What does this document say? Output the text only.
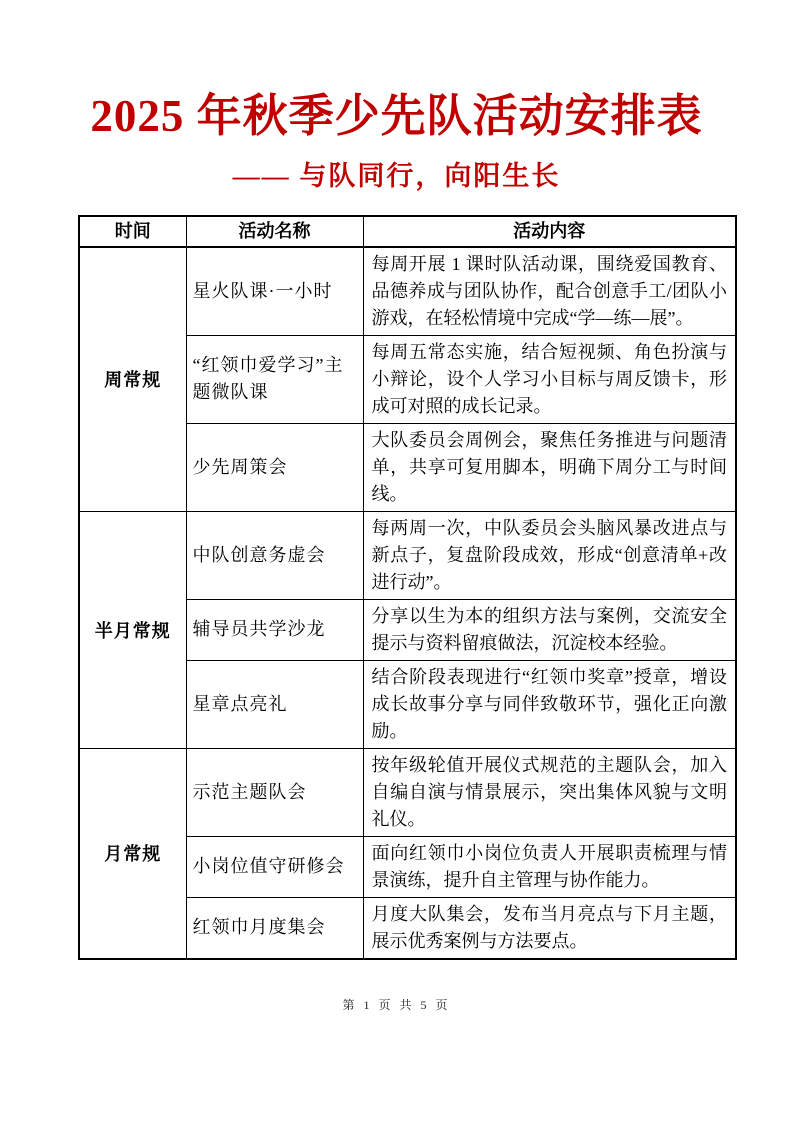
2025 年秋季少先队活动安排表
—— 与队同行，向阳生长
时间	活动名称	活动内容
周常规	星火队课·一小时	每周开展 1 课时队活动课，围绕爱国教育、品德养成与团队协作，配合创意手工/团队小游戏，在轻松情境中完成“学—练—展”。
	“红领巾爱学习”主题微队课	每周五常态实施，结合短视频、角色扮演与小辩论，设个人学习小目标与周反馈卡，形成可对照的成长记录。
	少先周策会	大队委员会周例会，聚焦任务推进与问题清单，共享可复用脚本，明确下周分工与时间线。
半月常规	中队创意务虚会	每两周一次，中队委员会头脑风暴改进点与新点子，复盘阶段成效，形成“创意清单+改进行动”。
	辅导员共学沙龙	分享以生为本的组织方法与案例，交流安全提示与资料留痕做法，沉淀校本经验。
	星章点亮礼	结合阶段表现进行“红领巾奖章”授章，增设成长故事分享与同伴致敬环节，强化正向激励。
月常规	示范主题队会	按年级轮值开展仪式规范的主题队会，加入自编自演与情景展示，突出集体风貌与文明礼仪。
	小岗位值守研修会	面向红领巾小岗位负责人开展职责梳理与情景演练，提升自主管理与协作能力。
	红领巾月度集会	月度大队集会，发布当月亮点与下月主题，展示优秀案例与方法要点。
第 1 页 共 5 页
